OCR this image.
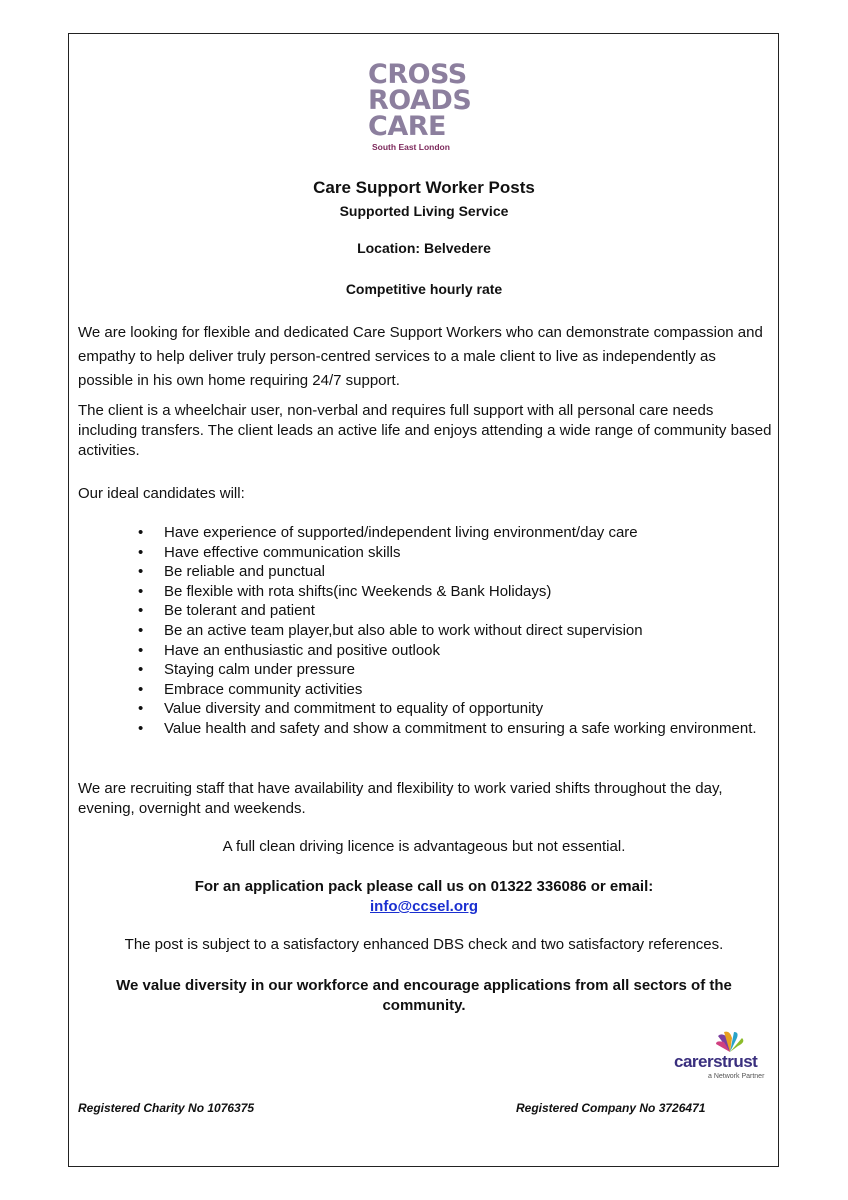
CROSS
ROADS
CARE
South East London
Care Support Worker Posts
Supported Living Service
Location: Belvedere
Competitive hourly rate
We are looking for flexible and dedicated Care Support Workers who can demonstrate compassion and empathy to help deliver truly person-centred services to a male client to live as independently as possible in his own home requiring 24/7 support.
The client is a wheelchair user, non-verbal and requires full support with all personal care needs including transfers. The client leads an active life and enjoys attending a wide range of community based activities.
Our ideal candidates will:
• Have experience of supported/independent living environment/day care
• Have effective communication skills
• Be reliable and punctual
• Be flexible with rota shifts(inc Weekends & Bank Holidays)
• Be tolerant and patient
• Be an active team player,but also able to work without direct supervision
• Have an enthusiastic and positive outlook
• Staying calm under pressure
• Embrace community activities
• Value diversity and commitment to equality of opportunity
• Value health and safety and show a commitment to ensuring a safe working environment.
We are recruiting staff that have availability and flexibility to work varied shifts throughout the day, evening, overnight and weekends.
A full clean driving licence is advantageous but not essential.
For an application pack please call us on 01322 336086 or email:
info@ccsel.org
The post is subject to a satisfactory enhanced DBS check and two satisfactory references.
We value diversity in our workforce and encourage applications from all sectors of the community.
carerstrust
a Network Partner
Registered Charity No 1076375	Registered Company No 3726471
